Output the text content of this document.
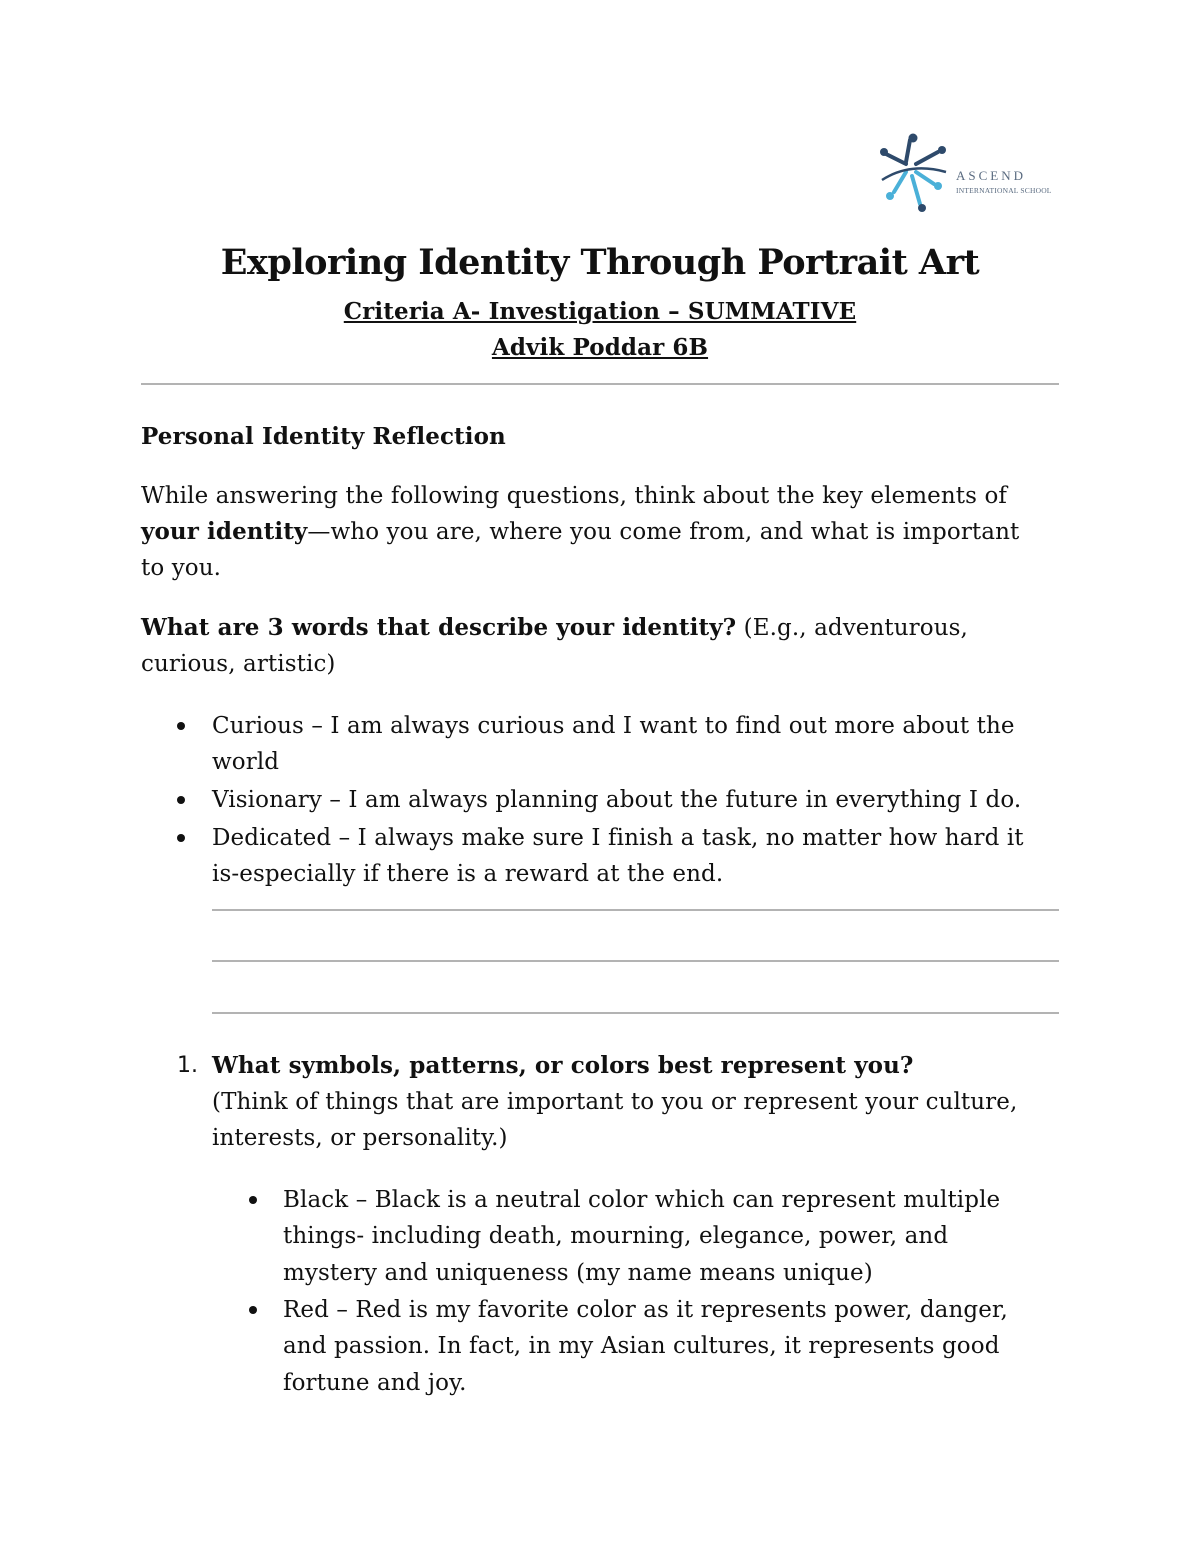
ASCEND
INTERNATIONAL SCHOOL
Exploring Identity Through Portrait Art
Criteria A- Investigation – SUMMATIVE
Advik Poddar 6B
Personal Identity Reflection
While answering the following questions, think about the key elements of
your identity—who you are, where you come from, and what is important
to you.
What are 3 words that describe your identity? (E.g., adventurous,
curious, artistic)
Curious – I am always curious and I want to find out more about the
world
Visionary – I am always planning about the future in everything I do.
Dedicated – I always make sure I finish a task, no matter how hard it
is-especially if there is a reward at the end.
1. What symbols, patterns, or colors best represent you?
(Think of things that are important to you or represent your culture,
interests, or personality.)
Black – Black is a neutral color which can represent multiple
things- including death, mourning, elegance, power, and
mystery and uniqueness (my name means unique)
Red – Red is my favorite color as it represents power, danger,
and passion. In fact, in my Asian cultures, it represents good
fortune and joy.
